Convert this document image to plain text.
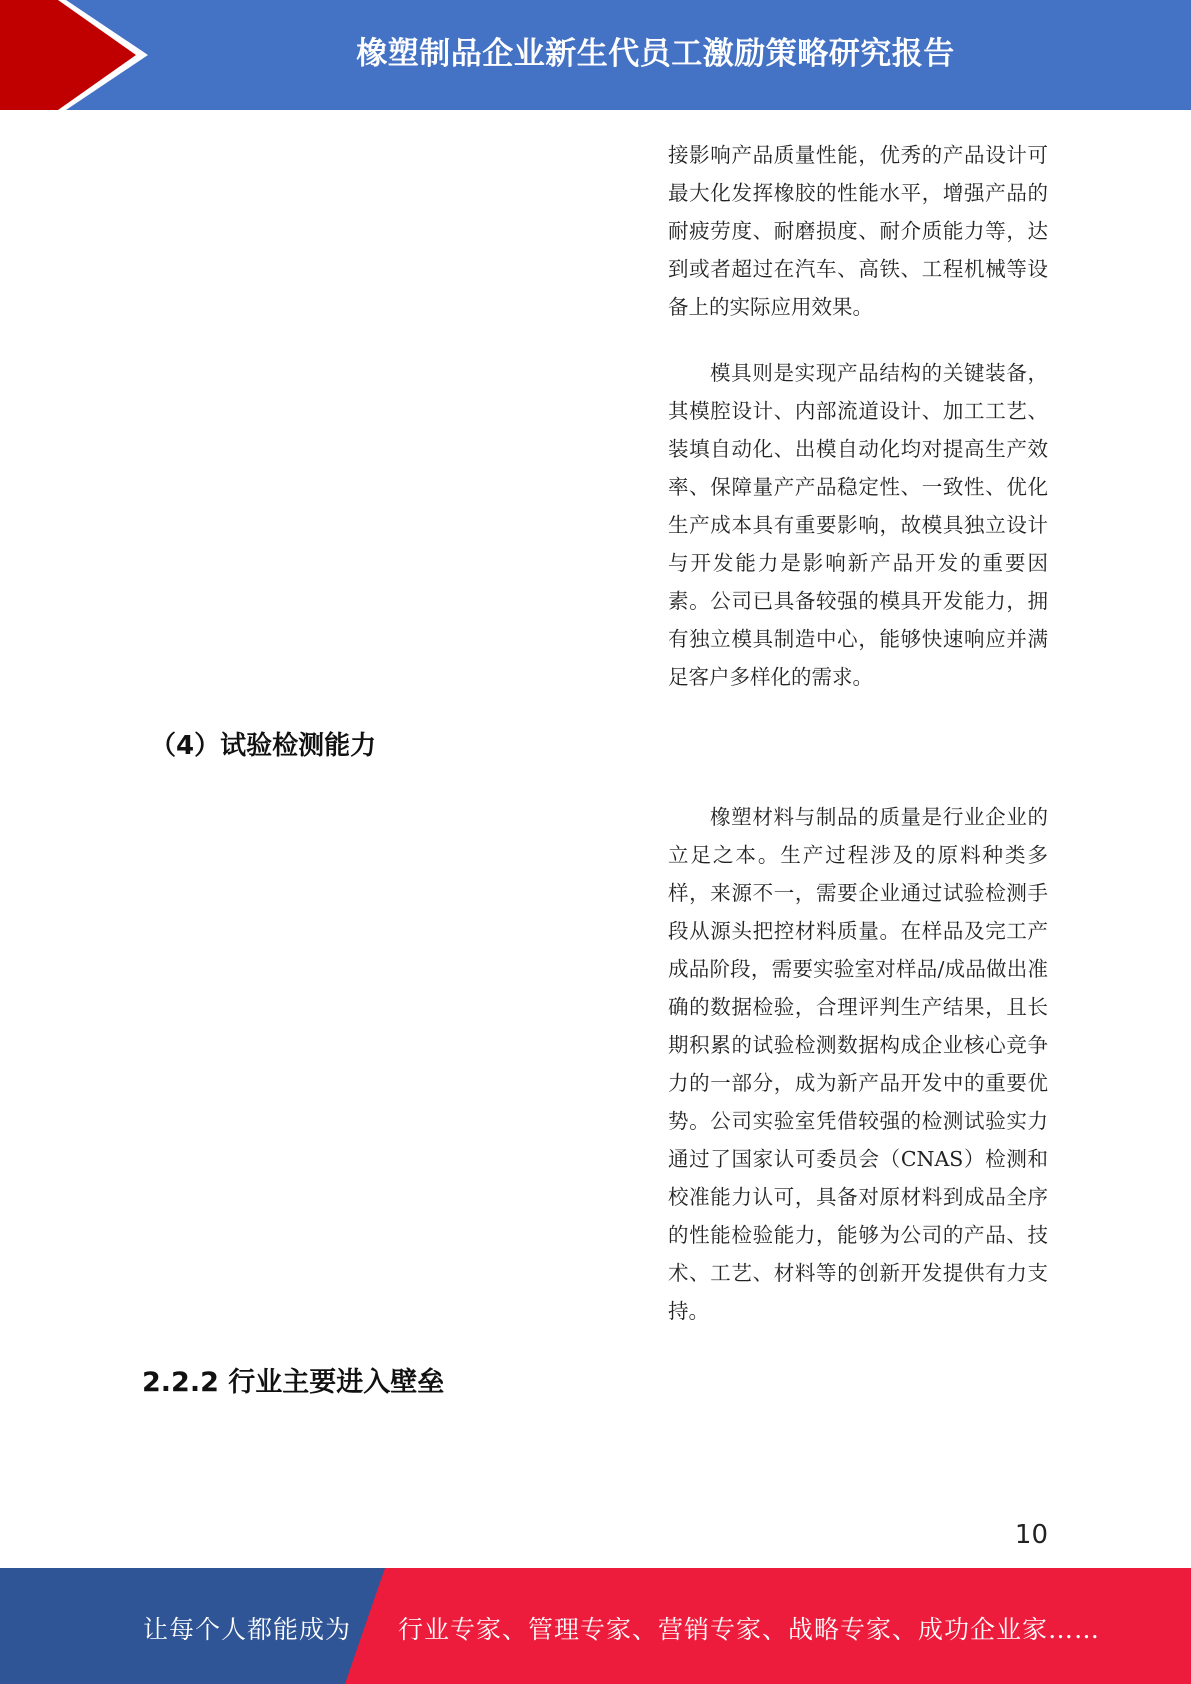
橡塑制品企业新生代员工激励策略研究报告

接影响产品质量性能，优秀的产品设计可最大化发挥橡胶的性能水平，增强产品的耐疲劳度、耐磨损度、耐介质能力等，达到或者超过在汽车、高铁、工程机械等设备上的实际应用效果。

模具则是实现产品结构的关键装备，其模腔设计、内部流道设计、加工工艺、装填自动化、出模自动化均对提高生产效率、保障量产产品稳定性、一致性、优化生产成本具有重要影响，故模具独立设计与开发能力是影响新产品开发的重要因素。公司已具备较强的模具开发能力，拥有独立模具制造中心，能够快速响应并满足客户多样化的需求。

（4）试验检测能力

橡塑材料与制品的质量是行业企业的立足之本。生产过程涉及的原料种类多样，来源不一，需要企业通过试验检测手段从源头把控材料质量。在样品及完工产成品阶段，需要实验室对样品/成品做出准确的数据检验，合理评判生产结果，且长期积累的试验检测数据构成企业核心竞争力的一部分，成为新产品开发中的重要优势。公司实验室凭借较强的检测试验实力通过了国家认可委员会（CNAS）检测和校准能力认可，具备对原材料到成品全序的性能检验能力，能够为公司的产品、技术、工艺、材料等的创新开发提供有力支持。

2.2.2 行业主要进入壁垒
10
让每个人都能成为 行业专家、管理专家、营销专家、战略专家、成功企业家……
